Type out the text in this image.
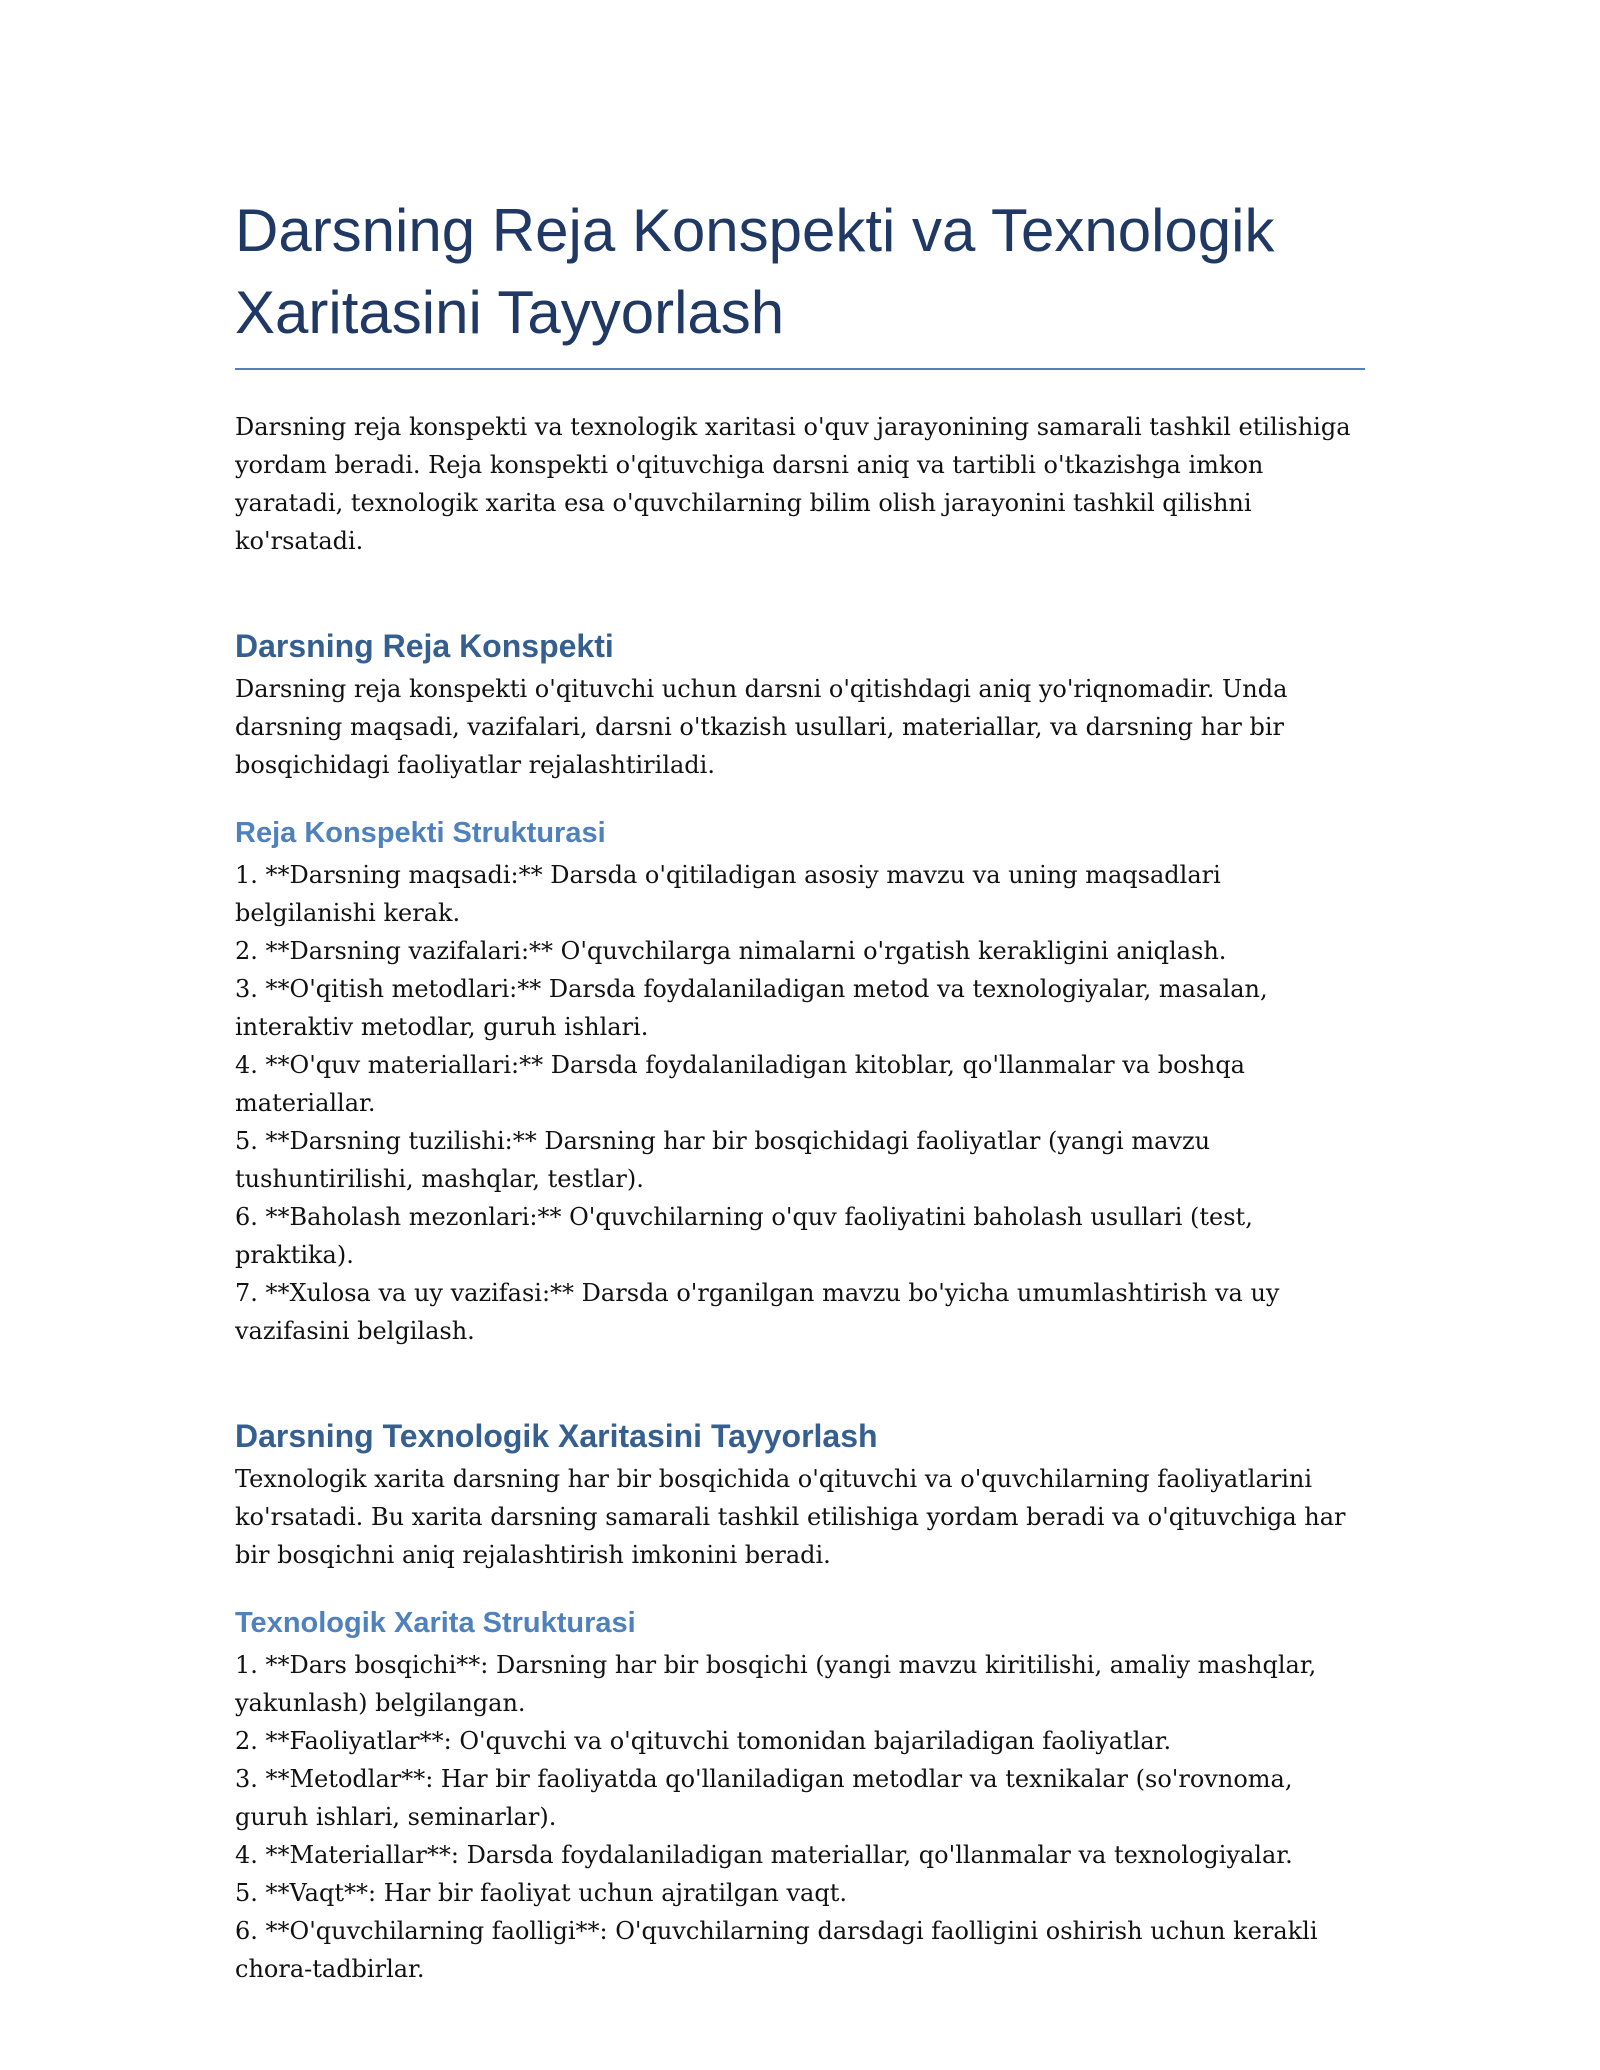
Darsning Reja Konspekti va Texnologik Xaritasini Tayyorlash

Darsning reja konspekti va texnologik xaritasi o'quv jarayonining samarali tashkil etilishiga yordam beradi. Reja konspekti o'qituvchiga darsni aniq va tartibli o'tkazishga imkon yaratadi, texnologik xarita esa o'quvchilarning bilim olish jarayonini tashkil qilishni ko'rsatadi.

Darsning Reja Konspekti

Darsning reja konspekti o'qituvchi uchun darsni o'qitishdagi aniq yo'riqnomadir. Unda darsning maqsadi, vazifalari, darsni o'tkazish usullari, materiallar, va darsning har bir bosqichidagi faoliyatlar rejalashtiriladi.

Reja Konspekti Strukturasi
1. **Darsning maqsadi:** Darsda o'qitiladigan asosiy mavzu va uning maqsadlari belgilanishi kerak.
2. **Darsning vazifalari:** O'quvchilarga nimalarni o'rgatish kerakligini aniqlash.
3. **O'qitish metodlari:** Darsda foydalaniladigan metod va texnologiyalar, masalan, interaktiv metodlar, guruh ishlari.
4. **O'quv materiallari:** Darsda foydalaniladigan kitoblar, qo'llanmalar va boshqa materiallar.
5. **Darsning tuzilishi:** Darsning har bir bosqichidagi faoliyatlar (yangi mavzu tushuntirilishi, mashqlar, testlar).
6. **Baholash mezonlari:** O'quvchilarning o'quv faoliyatini baholash usullari (test, praktika).
7. **Xulosa va uy vazifasi:** Darsda o'rganilgan mavzu bo'yicha umumlashtirish va uy vazifasini belgilash.
Darsning Texnologik Xaritasini Tayyorlash

Texnologik xarita darsning har bir bosqichida o'qituvchi va o'quvchilarning faoliyatlarini ko'rsatadi. Bu xarita darsning samarali tashkil etilishiga yordam beradi va o'qituvchiga har bir bosqichni aniq rejalashtirish imkonini beradi.

Texnologik Xarita Strukturasi
1. **Dars bosqichi**: Darsning har bir bosqichi (yangi mavzu kiritilishi, amaliy mashqlar, yakunlash) belgilangan.
2. **Faoliyatlar**: O'quvchi va o'qituvchi tomonidan bajariladigan faoliyatlar.
3. **Metodlar**: Har bir faoliyatda qo'llaniladigan metodlar va texnikalar (so'rovnoma, guruh ishlari, seminarlar).
4. **Materiallar**: Darsda foydalaniladigan materiallar, qo'llanmalar va texnologiyalar.
5. **Vaqt**: Har bir faoliyat uchun ajratilgan vaqt.
6. **O'quvchilarning faolligi**: O'quvchilarning darsdagi faolligini oshirish uchun kerakli chora-tadbirlar.
